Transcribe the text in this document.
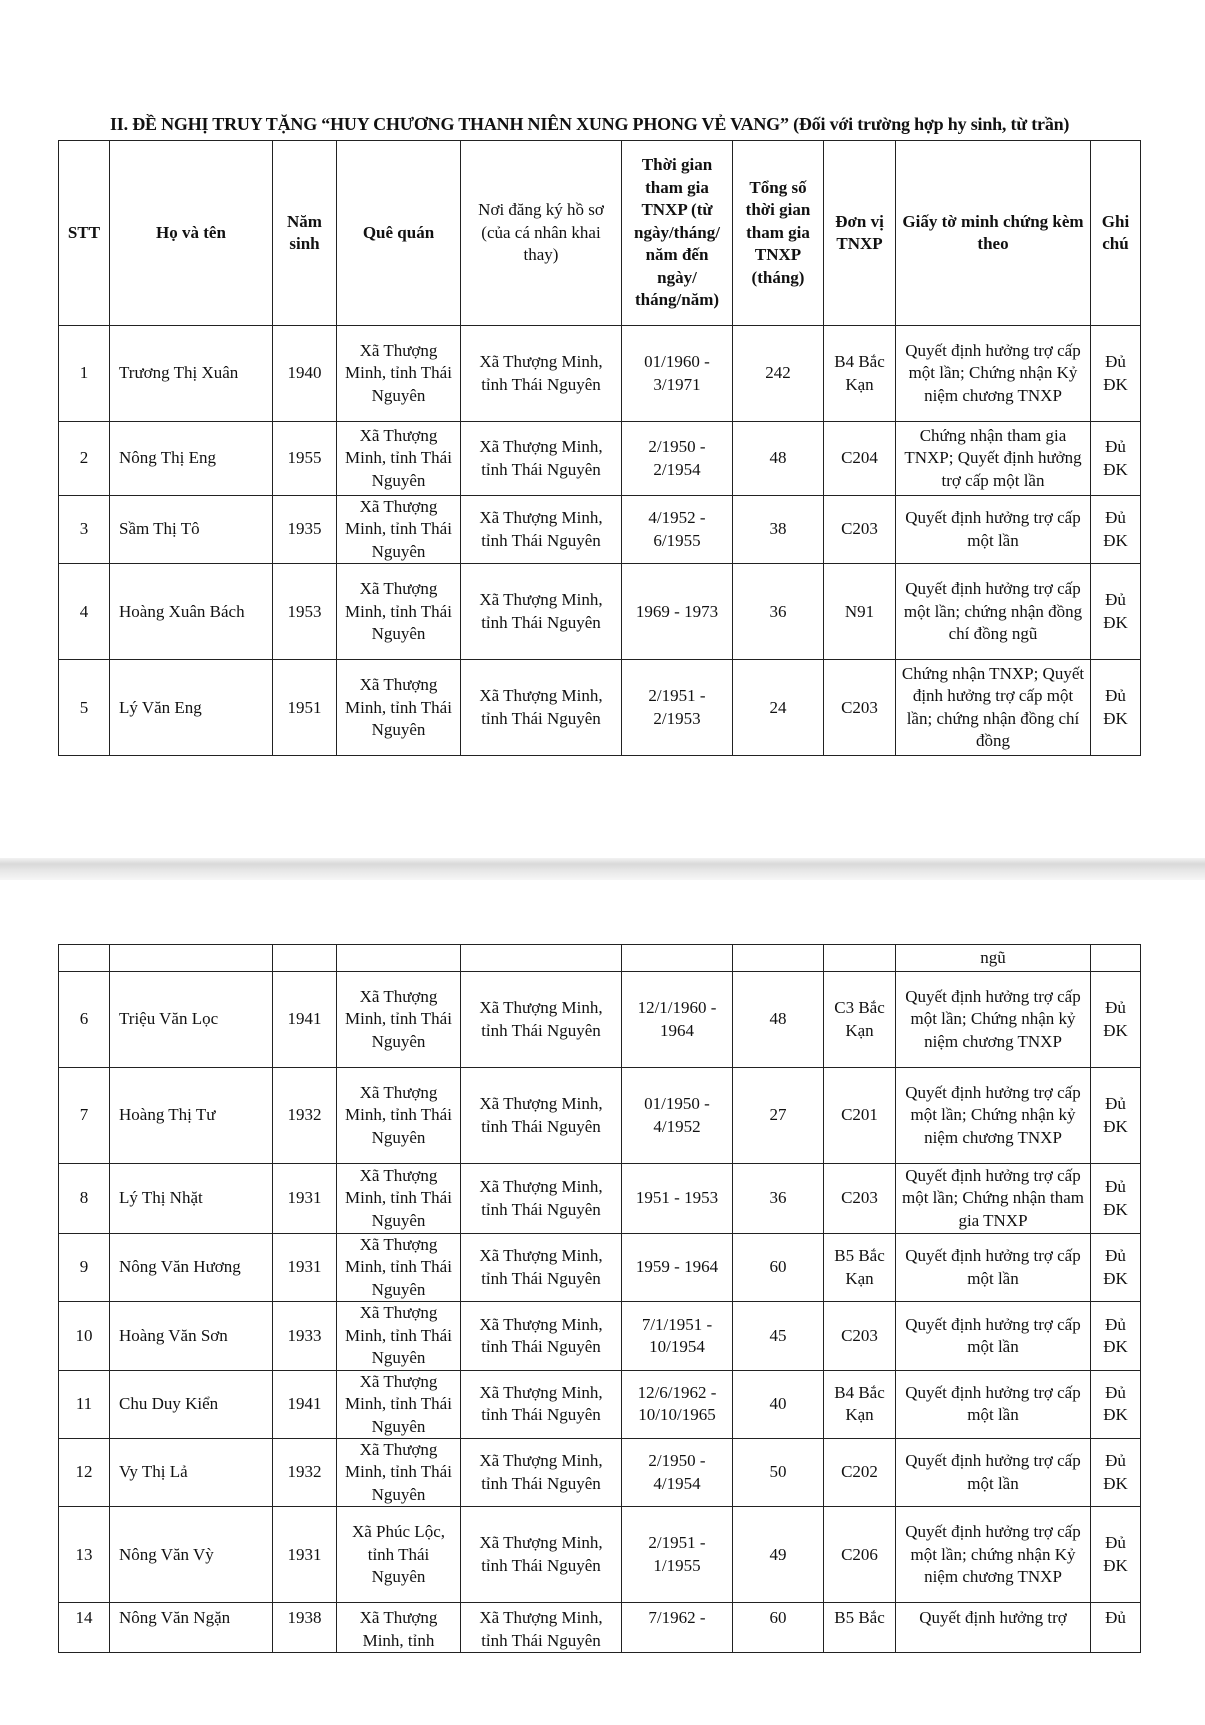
II. ĐỀ NGHỊ TRUY TẶNG “HUY CHƯƠNG THANH NIÊN XUNG PHONG VẺ VANG” (Đối với trường hợp hy sinh, từ trần)
STT	Họ và tên	Năm sinh	Quê quán	Nơi đăng ký hồ sơ (của cá nhân khai thay)	Thời gian tham gia TNXP (từ ngày/tháng/ năm đến ngày/ tháng/năm)	Tổng số thời gian tham gia TNXP (tháng)	Đơn vị TNXP	Giấy tờ minh chứng kèm theo	Ghi chú
1	Trương Thị Xuân	1940	Xã Thượng Minh, tỉnh Thái Nguyên	Xã Thượng Minh, tỉnh Thái Nguyên	01/1960 - 3/1971	242	B4 Bắc Kạn	Quyết định hưởng trợ cấp một lần; Chứng nhận Kỷ niệm chương TNXP	Đủ ĐK
2	Nông Thị Eng	1955	Xã Thượng Minh, tỉnh Thái Nguyên	Xã Thượng Minh, tỉnh Thái Nguyên	2/1950 - 2/1954	48	C204	Chứng nhận tham gia TNXP; Quyết định hưởng trợ cấp một lần	Đủ ĐK
3	Sầm Thị Tô	1935	Xã Thượng Minh, tỉnh Thái Nguyên	Xã Thượng Minh, tỉnh Thái Nguyên	4/1952 - 6/1955	38	C203	Quyết định hưởng trợ cấp một lần	Đủ ĐK
4	Hoàng Xuân Bách	1953	Xã Thượng Minh, tỉnh Thái Nguyên	Xã Thượng Minh, tỉnh Thái Nguyên	1969 - 1973	36	N91	Quyết định hưởng trợ cấp một lần; chứng nhận đồng chí đồng ngũ	Đủ ĐK
5	Lý Văn Eng	1951	Xã Thượng Minh, tỉnh Thái Nguyên	Xã Thượng Minh, tỉnh Thái Nguyên	2/1951 - 2/1953	24	C203	Chứng nhận TNXP; Quyết định hưởng trợ cấp một lần; chứng nhận đồng chí đồng	Đủ ĐK
								ngũ	
6	Triệu Văn Lọc	1941	Xã Thượng Minh, tỉnh Thái Nguyên	Xã Thượng Minh, tỉnh Thái Nguyên	12/1/1960 - 1964	48	C3 Bắc Kạn	Quyết định hưởng trợ cấp một lần; Chứng nhận kỷ niệm chương TNXP	Đủ ĐK
7	Hoàng Thị Tư	1932	Xã Thượng Minh, tỉnh Thái Nguyên	Xã Thượng Minh, tỉnh Thái Nguyên	01/1950 - 4/1952	27	C201	Quyết định hưởng trợ cấp một lần; Chứng nhận kỷ niệm chương TNXP	Đủ ĐK
8	Lý Thị Nhặt	1931	Xã Thượng Minh, tỉnh Thái Nguyên	Xã Thượng Minh, tỉnh Thái Nguyên	1951 - 1953	36	C203	Quyết định hưởng trợ cấp một lần; Chứng nhận tham gia TNXP	Đủ ĐK
9	Nông Văn Hương	1931	Xã Thượng Minh, tỉnh Thái Nguyên	Xã Thượng Minh, tỉnh Thái Nguyên	1959 - 1964	60	B5 Bắc Kạn	Quyết định hưởng trợ cấp một lần	Đủ ĐK
10	Hoàng Văn Sơn	1933	Xã Thượng Minh, tỉnh Thái Nguyên	Xã Thượng Minh, tỉnh Thái Nguyên	7/1/1951 - 10/1954	45	C203	Quyết định hưởng trợ cấp một lần	Đủ ĐK
11	Chu Duy Kiển	1941	Xã Thượng Minh, tỉnh Thái Nguyên	Xã Thượng Minh, tỉnh Thái Nguyên	12/6/1962 - 10/10/1965	40	B4 Bắc Kạn	Quyết định hưởng trợ cấp một lần	Đủ ĐK
12	Vy Thị Lả	1932	Xã Thượng Minh, tỉnh Thái Nguyên	Xã Thượng Minh, tỉnh Thái Nguyên	2/1950 - 4/1954	50	C202	Quyết định hưởng trợ cấp một lần	Đủ ĐK
13	Nông Văn Vỳ	1931	Xã Phúc Lộc, tỉnh Thái Nguyên	Xã Thượng Minh, tỉnh Thái Nguyên	2/1951 - 1/1955	49	C206	Quyết định hưởng trợ cấp một lần; chứng nhận Kỷ niệm chương TNXP	Đủ ĐK
14	Nông Văn Ngặn	1938	Xã Thượng Minh, tỉnh	Xã Thượng Minh, tỉnh Thái Nguyên	7/1962 -	60	B5 Bắc	Quyết định hưởng trợ	Đủ
